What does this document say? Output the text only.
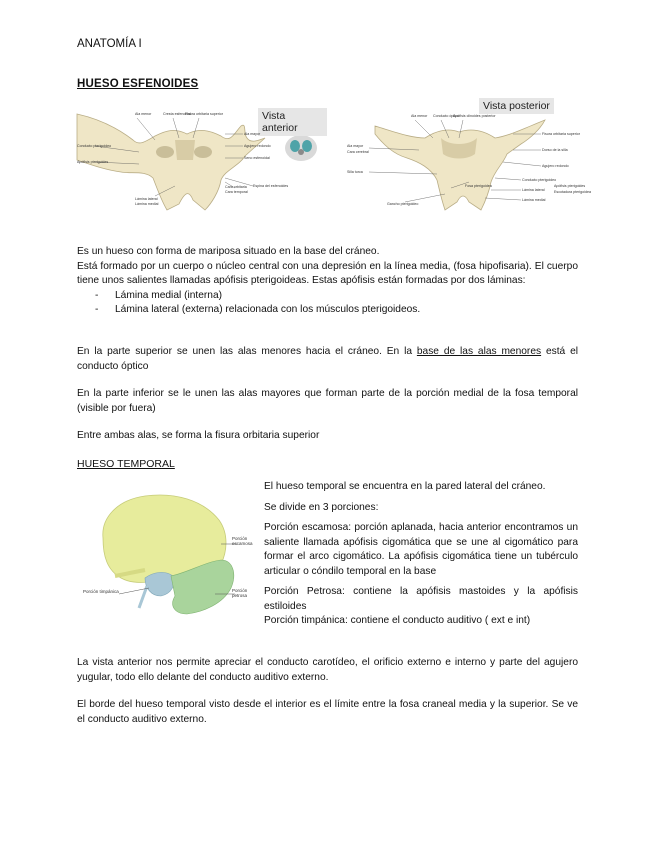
ANATOMÍA I
HUESO ESFENOIDES
Vista anterior
Ala menor	Cresta esfenoidal
Fisura orbitaria superior
Ala mayor
Agujero redondo
Seno esfenoidal
Conducto pterigoideo
Apófisis pterigoides
Lámina lateral
Lámina medial
Cara orbitaria
Cara temporal
Espina del esfenoides
Vista posterior
Ala menor Conducto óptico
Apófisis clinoides posterior
Fisura orbitaria superior
Dorso de la silla
Agujero redondo
Conducto pterigoideo
Apófisis pterigoides
Lámina lateral
Lámina medial
Fosa pterigoidea
Escotadura pterigoidea
Gancho pterigoideo
Ala mayor
Cara cerebral
Silla turca
Es un hueso con forma de mariposa situado en la base del cráneo.
Está formado por un cuerpo o núcleo central con una depresión en la línea media, (fosa hipofisaria). El cuerpo tiene unos salientes llamadas apófisis pterigoideas. Estas apófisis están formadas por dos láminas:
- Lámina medial (interna)
- Lámina lateral (externa) relacionada con los músculos pterigoideos.
En la parte superior se unen las alas menores hacia el cráneo. En la base de las alas menores está el conducto óptico
En la parte inferior se le unen las alas mayores que forman parte de la porción medial de la fosa temporal (visible por fuera)
Entre ambas alas, se forma la fisura orbitaria superior
HUESO TEMPORAL
Porción escamosa
Porción timpánica	Porción petrosa
El hueso temporal se encuentra en la pared lateral del cráneo.
Se divide en 3 porciones:
Porción escamosa: porción aplanada, hacia anterior encontramos un saliente llamada apófisis cigomática que se une al cigomático para formar el arco cigomático. La apófisis cigomática tiene un tubérculo articular o cóndilo temporal en la base
Porción Petrosa: contiene la apófisis mastoides y la apófisis estiloides
Porción timpánica: contiene el conducto auditivo ( ext e int)
La vista anterior nos permite apreciar el conducto carotídeo, el orificio externo e interno y parte del agujero yugular, todo ello delante del conducto auditivo externo.
El borde del hueso temporal visto desde el interior es el límite entre la fosa craneal media y la superior. Se ve el conducto auditivo externo.
